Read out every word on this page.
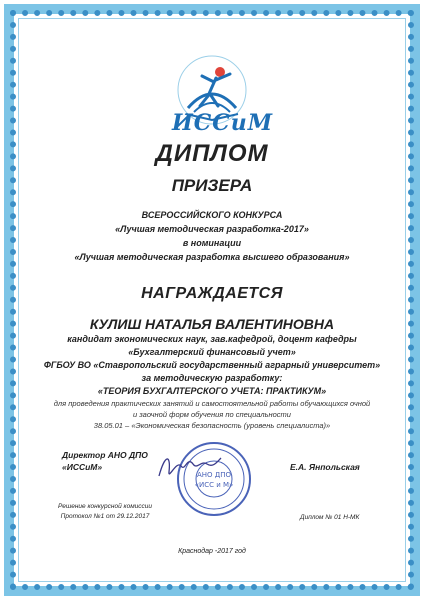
ИССиМ
ДИПЛОМ
ПРИЗЕРА
ВСЕРОССИЙСКОГО КОНКУРСА
«Лучшая методическая разработка-2017»
в номинации
«Лучшая методическая разработка высшего образования»
НАГРАЖДАЕТСЯ
КУЛИШ НАТАЛЬЯ ВАЛЕНТИНОВНА
кандидат экономических наук, зав.кафедрой, доцент кафедры
«Бухгалтерский финансовый учет»
ФГБОУ ВО «Ставропольский государственный аграрный университет»
за методическую разработку:
«ТЕОРИЯ БУХГАЛТЕРСКОГО УЧЕТА: ПРАКТИКУМ»
для проведения практических занятий и самостоятельной работы обучающихся очной
и заочной форм обучения по специальности
38.05.01 – «Экономическая безопасность (уровень специалиста)»
Директор АНО ДПО
«ИССиМ»
АНО ДПО
«ИСС и М»
Е.А. Янпольская
Решение конкурсной комиссии
Протокол №1 от 29.12.2017	Диплом № 01 Н-МК
Краснодар -2017 год
